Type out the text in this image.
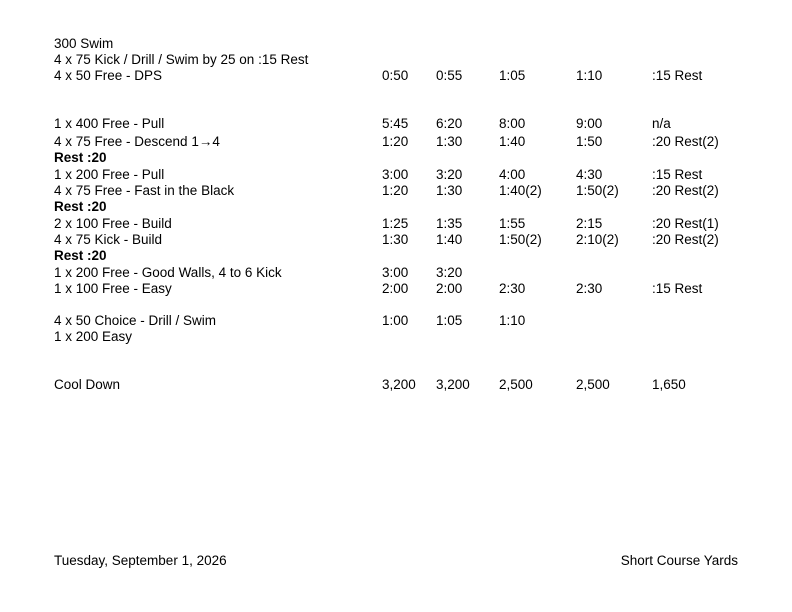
300 Swim
4 x 75 Kick / Drill / Swim by 25 on :15 Rest
4 x 50 Free - DPS	0:50 0:55	1:05	1:10	:15 Rest
1 x 400 Free - Pull	5:45 6:20	8:00	9:00	n/a
4 x 75 Free - Descend 1→4	1:20 1:30	1:40	1:50	:20 Rest(2)
Rest :20
1 x 200 Free - Pull	3:00 3:20	4:00	4:30	:15 Rest
4 x 75 Free - Fast in the Black	1:20 1:30	1:40(2)	1:50(2) :20 Rest(2)
Rest :20
2 x 100 Free - Build	1:25 1:35	1:55	2:15	:20 Rest(1)
4 x 75 Kick - Build	1:30 1:40	1:50(2)	2:10(2) :20 Rest(2)
Rest :20
1 x 200 Free - Good Walls, 4 to 6 Kick	3:00 3:20
1 x 100 Free - Easy	2:00 2:00	2:30	2:30	:15 Rest
4 x 50 Choice - Drill / Swim	1:00 1:05	1:10
1 x 200 Easy
Cool Down	3,200 3,200 2,500	2,500	1,650
Tuesday, September 1, 2026	Short Course Yards
